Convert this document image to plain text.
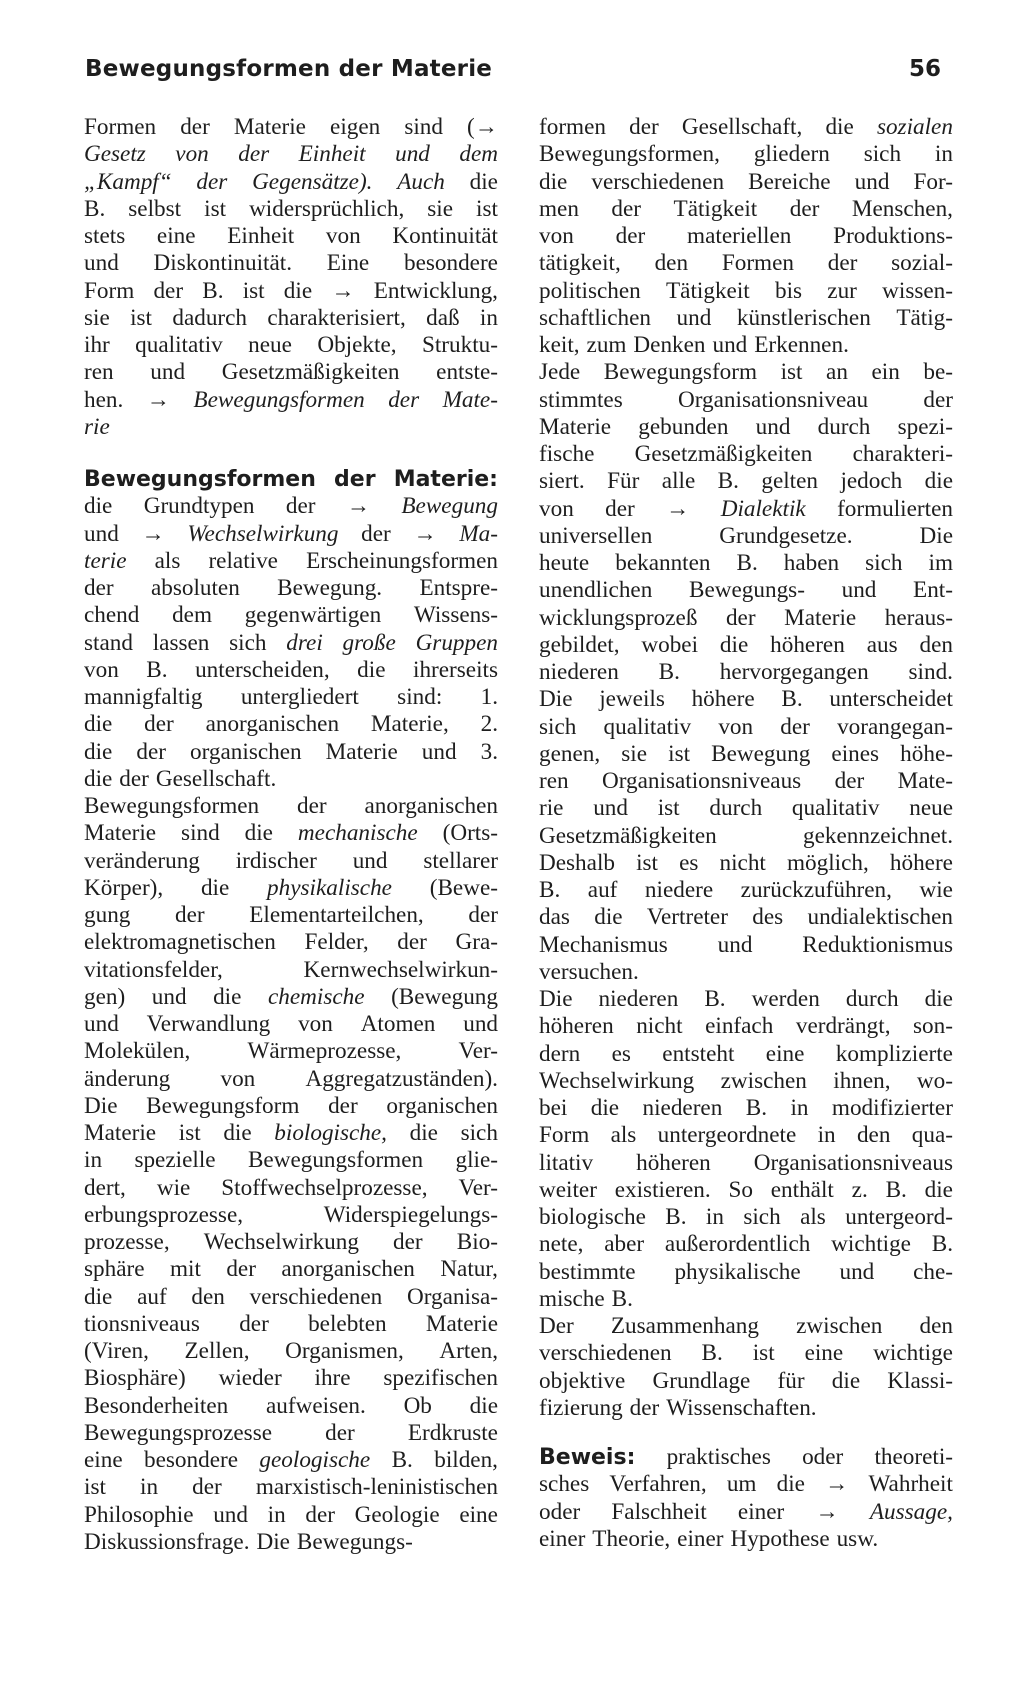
Bewegungsformen der Materie	56
Formen der Materie eigen sind (→
Gesetz von der Einheit und dem
„Kampf“ der Gegensätze). Auch die
B. selbst ist widersprüchlich, sie ist
stets eine Einheit von Kontinuität
und Diskontinuität. Eine besondere
Form der B. ist die → Entwicklung,
sie ist dadurch charakterisiert, daß in
ihr qualitativ neue Objekte, Struktu-
ren und Gesetzmäßigkeiten entste-
hen. → Bewegungsformen der Mate-
rie
Bewegungsformen der Materie:
die Grundtypen der → Bewegung
und → Wechselwirkung der → Ma-
terie als relative Erscheinungsformen
der absoluten Bewegung. Entspre-
chend dem gegenwärtigen Wissens-
stand lassen sich drei große Gruppen
von B. unterscheiden, die ihrerseits
mannigfaltig untergliedert sind: 1.
die der anorganischen Materie, 2.
die der organischen Materie und 3.
die der Gesellschaft.
Bewegungsformen der anorganischen
Materie sind die mechanische (Orts-
veränderung irdischer und stellarer
Körper), die physikalische (Bewe-
gung der Elementarteilchen, der
elektromagnetischen Felder, der Gra-
vitationsfelder,	Kernwechselwirkun-
gen) und die chemische (Bewegung
und Verwandlung von Atomen und
Molekülen, Wärmeprozesse, Ver-
änderung von Aggregatzuständen).
Die Bewegungsform der organischen
Materie ist die biologische, die sich
in spezielle Bewegungsformen glie-
dert, wie Stoffwechselprozesse, Ver-
erbungsprozesse,	Widerspiegelungs-
prozesse, Wechselwirkung der Bio-
sphäre mit der anorganischen Natur,
die auf den verschiedenen Organisa-
tionsniveaus der belebten Materie
(Viren, Zellen, Organismen, Arten,
Biosphäre) wieder ihre spezifischen
Besonderheiten aufweisen. Ob die
Bewegungsprozesse der Erdkruste
eine besondere geologische B. bilden,
ist in der marxistisch-leninistischen
Philosophie und in der Geologie eine
Diskussionsfrage. Die Bewegungs-
formen der Gesellschaft, die sozialen
Bewegungsformen, gliedern sich in
die verschiedenen Bereiche und For-
men der Tätigkeit der Menschen,
von der materiellen Produktions-
tätigkeit, den Formen der sozial-
politischen Tätigkeit bis zur wissen-
schaftlichen und künstlerischen Tätig-
keit, zum Denken und Erkennen.
Jede Bewegungsform ist an ein be-
stimmtes Organisationsniveau der
Materie gebunden und durch spezi-
fische Gesetzmäßigkeiten charakteri-
siert. Für alle B. gelten jedoch die
von der → Dialektik formulierten
universellen	Grundgesetze.	Die
heute bekannten B. haben sich im
unendlichen Bewegungs- und Ent-
wicklungsprozeß der Materie heraus-
gebildet, wobei die höheren aus den
niederen B. hervorgegangen sind.
Die jeweils höhere B. unterscheidet
sich qualitativ von der vorangegan-
genen, sie ist Bewegung eines höhe-
ren Organisationsniveaus der Mate-
rie und ist durch qualitativ neue
Gesetzmäßigkeiten	gekennzeichnet.
Deshalb ist es nicht möglich, höhere
B. auf niedere zurückzuführen, wie
das die Vertreter des undialektischen
Mechanismus und Reduktionismus
versuchen.
Die niederen B. werden durch die
höheren nicht einfach verdrängt, son-
dern es entsteht eine komplizierte
Wechselwirkung zwischen ihnen, wo-
bei die niederen B. in modifizierter
Form als untergeordnete in den qua-
litativ höheren Organisationsniveaus
weiter existieren. So enthält z. B. die
biologische B. in sich als untergeord-
nete, aber außerordentlich wichtige B.
bestimmte physikalische und che-
mische B.
Der Zusammenhang zwischen den
verschiedenen B. ist eine wichtige
objektive Grundlage für die Klassi-
fizierung der Wissenschaften.
Beweis: praktisches oder theoreti-
sches Verfahren, um die → Wahrheit
oder Falschheit einer → Aussage,
einer Theorie, einer Hypothese usw.
